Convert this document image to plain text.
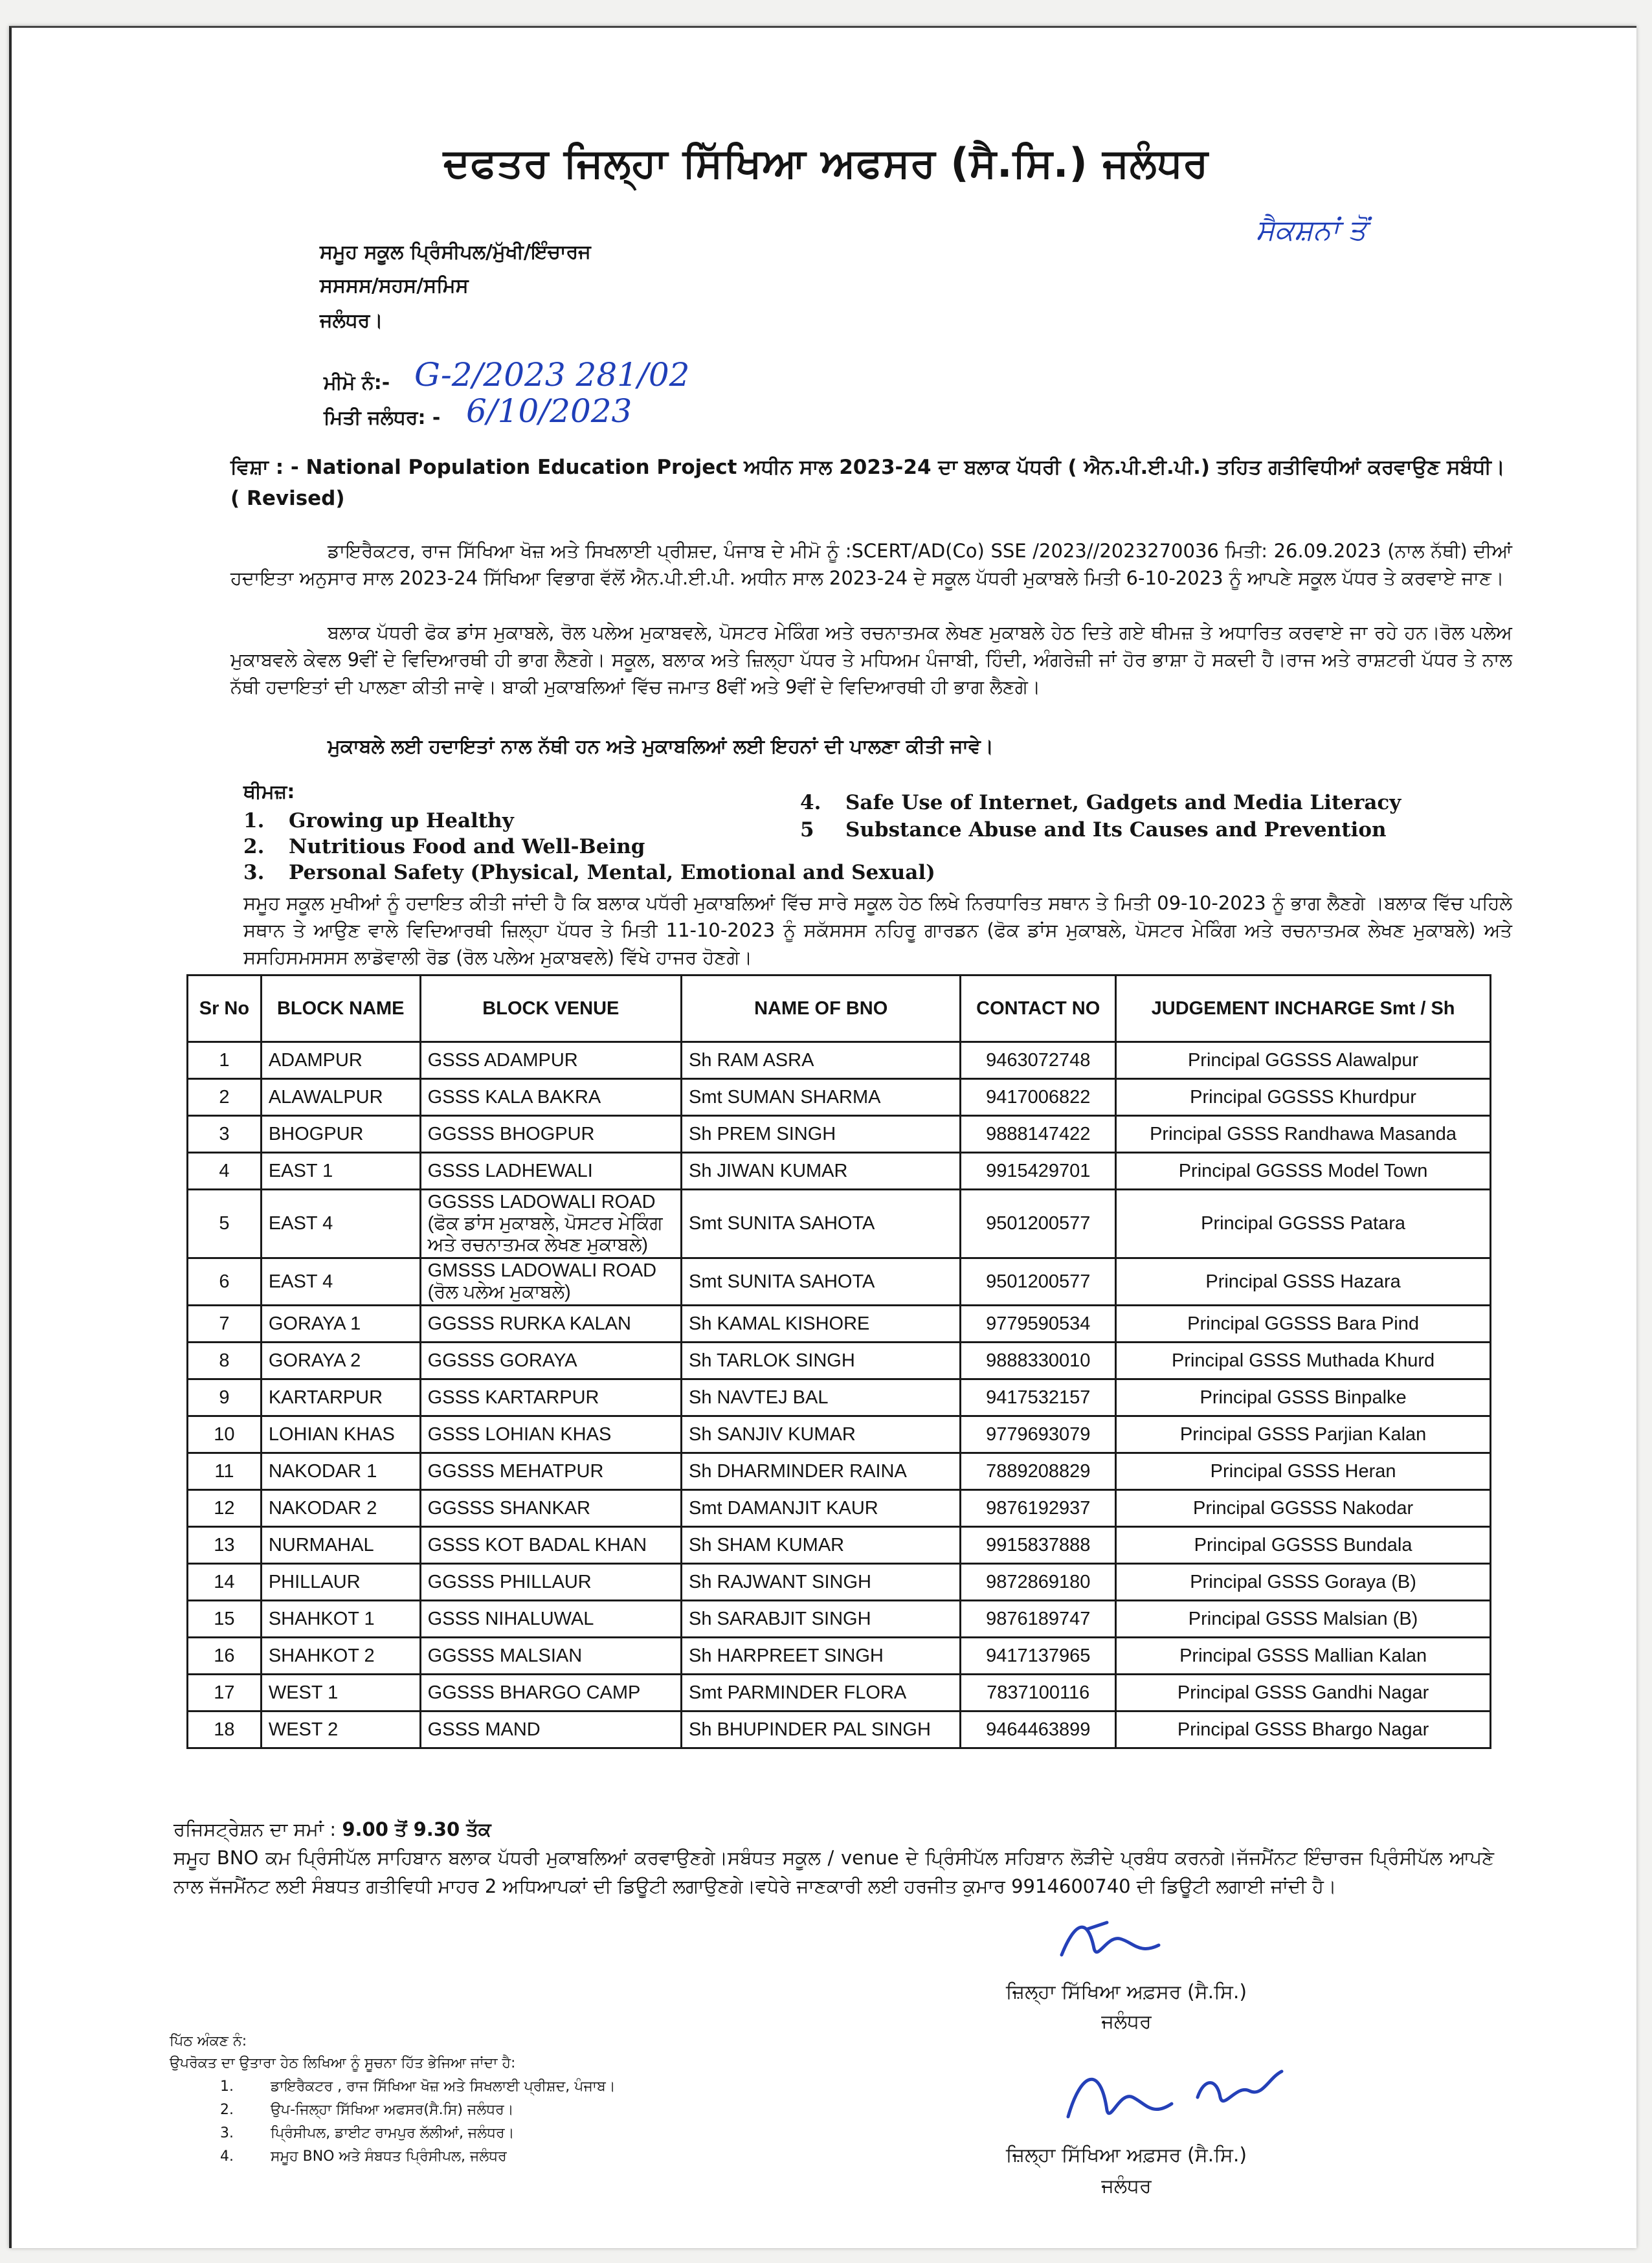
ਦਫਤਰ ਜਿਲ੍ਹਾ ਸਿੱਖਿਆ ਅਫਸਰ (ਸੈ.ਸਿ.) ਜਲੰਧਰ
ਸੈਕਸ਼ਨਾਂ ਤੋਂ
ਸਮੂਹ ਸਕੂਲ ਪ੍ਰਿੰਸੀਪਲ/ਮੁੱਖੀ/ਇੰਚਾਰਜ
ਸਸਸਸ/ਸਹਸ/ਸਮਿਸ
ਜਲੰਧਰ।
ਮੀਮੋ ਨੰ:- G-2/2023 281/02
ਮਿਤੀ ਜਲੰਧਰ: - 6/10/2023
ਵਿਸ਼ਾ : - National Population Education Project ਅਧੀਨ ਸਾਲ 2023-24 ਦਾ ਬਲਾਕ ਪੱਧਰੀ ( ਐਨ.ਪੀ.ਈ.ਪੀ.) ਤਹਿਤ ਗਤੀਵਿਧੀਆਂ ਕਰਵਾਉਣ ਸਬੰਧੀ। ( Revised)

ਡਾਇਰੈਕਟਰ, ਰਾਜ ਸਿੱਖਿਆ ਖੋਜ਼ ਅਤੇ ਸਿਖਲਾਈ ਪ੍ਰੀਸ਼ਦ, ਪੰਜਾਬ ਦੇ ਮੀਮੋ ਨੂੰ :SCERT/AD(Co) SSE /2023//2023270036 ਮਿਤੀ: 26.09.2023 (ਨਾਲ ਨੱਥੀ) ਦੀਆਂ ਹਦਾਇਤਾ ਅਨੁਸਾਰ ਸਾਲ 2023-24 ਸਿੱਖਿਆ ਵਿਭਾਗ ਵੱਲੋਂ ਐਨ.ਪੀ.ਈ.ਪੀ. ਅਧੀਨ ਸਾਲ 2023-24 ਦੇ ਸਕੂਲ ਪੱਧਰੀ ਮੁਕਾਬਲੇ ਮਿਤੀ 6-10-2023 ਨੂੰ ਆਪਣੇ ਸਕੂਲ ਪੱਧਰ ਤੇ ਕਰਵਾਏ ਜਾਣ।

ਬਲਾਕ ਪੱਧਰੀ ਫੋਕ ਡਾਂਸ ਮੁਕਾਬਲੇ, ਰੋਲ ਪਲੇਅ ਮੁਕਾਬਵਲੇ, ਪੋਸਟਰ ਮੇਕਿੰਗ ਅਤੇ ਰਚਨਾਤਮਕ ਲੇਖਣ ਮੁਕਾਬਲੇ ਹੇਠ ਦਿਤੇ ਗਏ ਥੀਮਜ਼ ਤੇ ਅਧਾਰਿਤ ਕਰਵਾਏ ਜਾ ਰਹੇ ਹਨ।ਰੋਲ ਪਲੇਅ ਮੁਕਾਬਵਲੇ ਕੇਵਲ 9ਵੀਂ ਦੇ ਵਿਦਿਆਰਥੀ ਹੀ ਭਾਗ ਲੈਣਗੇ। ਸਕੂਲ, ਬਲਾਕ ਅਤੇ ਜ਼ਿਲ੍ਹਾ ਪੱਧਰ ਤੇ ਮਧਿਅਮ ਪੰਜਾਬੀ, ਹਿੰਦੀ, ਅੰਗਰੇਜ਼ੀ ਜਾਂ ਹੋਰ ਭਾਸ਼ਾ ਹੋ ਸਕਦੀ ਹੈ।ਰਾਜ ਅਤੇ ਰਾਸ਼ਟਰੀ ਪੱਧਰ ਤੇ ਨਾਲ ਨੱਥੀ ਹਦਾਇਤਾਂ ਦੀ ਪਾਲਣਾ ਕੀਤੀ ਜਾਵੇ। ਬਾਕੀ ਮੁਕਾਬਲਿਆਂ ਵਿੱਚ ਜਮਾਤ 8ਵੀਂ ਅਤੇ 9ਵੀਂ ਦੇ ਵਿਦਿਆਰਥੀ ਹੀ ਭਾਗ ਲੈਣਗੇ।

ਮੁਕਾਬਲੇ ਲਈ ਹਦਾਇਤਾਂ ਨਾਲ ਨੱਥੀ ਹਨ ਅਤੇ ਮੁਕਾਬਲਿਆਂ ਲਈ ਇਹਨਾਂ ਦੀ ਪਾਲਣਾ ਕੀਤੀ ਜਾਵੇ।
ਥੀਮਜ਼:
1. Growing up Healthy
2. Nutritious Food and Well-Being
3. Personal Safety (Physical, Mental, Emotional and Sexual)
4. Safe Use of Internet, Gadgets and Media Literacy
5 Substance Abuse and Its Causes and Prevention
ਸਮੂਹ ਸਕੂਲ ਮੁਖੀਆਂ ਨੂੰ ਹਦਾਇਤ ਕੀਤੀ ਜਾਂਦੀ ਹੈ ਕਿ ਬਲਾਕ ਪਧੱਰੀ ਮੁਕਾਬਲਿਆਂ ਵਿੱਚ ਸਾਰੇ ਸਕੂਲ ਹੇਠ ਲਿਖੇ ਨਿਰਧਾਰਿਤ ਸਥਾਨ ਤੇ ਮਿਤੀ 09-10-2023 ਨੂੰ ਭਾਗ ਲੈਣਗੇ ।ਬਲਾਕ ਵਿੱਚ ਪਹਿਲੇ ਸਥਾਨ ਤੇ ਆਉਣ ਵਾਲੇ ਵਿਦਿਆਰਥੀ ਜ਼ਿਲ੍ਹਾ ਪੱਧਰ ਤੇ ਮਿਤੀ 11-10-2023 ਨੂੰ ਸਕੱਸਸਸ ਨਹਿਰੂ ਗਾਰਡਨ (ਫੋਕ ਡਾਂਸ ਮੁਕਾਬਲੇ, ਪੋਸਟਰ ਮੇਕਿੰਗ ਅਤੇ ਰਚਨਾਤਮਕ ਲੇਖਣ ਮੁਕਾਬਲੇ) ਅਤੇ ਸਸਹਿਸਮਸਸਸ ਲਾਡੋਵਾਲੀ ਰੋਡ (ਰੋਲ ਪਲੇਅ ਮੁਕਾਬਵਲੇ) ਵਿੱਖੇ ਹਾਜਰ ਹੋਣਗੇ।
Sr No	BLOCK NAME	BLOCK VENUE	NAME OF BNO	CONTACT NO	JUDGEMENT INCHARGE Smt / Sh
1	ADAMPUR	GSSS ADAMPUR	Sh RAM ASRA	9463072748	Principal GGSSS Alawalpur
2	ALAWALPUR	GSSS KALA BAKRA	Smt SUMAN SHARMA	9417006822	Principal GGSSS Khurdpur
3	BHOGPUR	GGSSS BHOGPUR	Sh PREM SINGH	9888147422	Principal GSSS Randhawa Masanda
4	EAST 1	GSSS LADHEWALI	Sh JIWAN KUMAR	9915429701	Principal GGSSS Model Town
5	EAST 4	GGSSS LADOWALI ROAD (ਫੋਕ ਡਾਂਸ ਮੁਕਾਬਲੇ, ਪੋਸਟਰ ਮੇਕਿੰਗ ਅਤੇ ਰਚਨਾਤਮਕ ਲੇਖਣ ਮੁਕਾਬਲੇ)	Smt SUNITA SAHOTA	9501200577	Principal GGSSS Patara
6	EAST 4	GMSSS LADOWALI ROAD (ਰੋਲ ਪਲੇਅ ਮੁਕਾਬਲੇ)	Smt SUNITA SAHOTA	9501200577	Principal GSSS Hazara
7	GORAYA 1	GGSSS RURKA KALAN	Sh KAMAL KISHORE	9779590534	Principal GGSSS Bara Pind
8	GORAYA 2	GGSSS GORAYA	Sh TARLOK SINGH	9888330010	Principal GSSS Muthada Khurd
9	KARTARPUR	GSSS KARTARPUR	Sh NAVTEJ BAL	9417532157	Principal GSSS Binpalke
10	LOHIAN KHAS	GSSS LOHIAN KHAS	Sh SANJIV KUMAR	9779693079	Principal GSSS Parjian Kalan
11	NAKODAR 1	GGSSS MEHATPUR	Sh DHARMINDER RAINA	7889208829	Principal GSSS Heran
12	NAKODAR 2	GGSSS SHANKAR	Smt DAMANJIT KAUR	9876192937	Principal GGSSS Nakodar
13	NURMAHAL	GSSS KOT BADAL KHAN	Sh SHAM KUMAR	9915837888	Principal GGSSS Bundala
14	PHILLAUR	GGSSS PHILLAUR	Sh RAJWANT SINGH	9872869180	Principal GSSS Goraya (B)
15	SHAHKOT 1	GSSS NIHALUWAL	Sh SARABJIT SINGH	9876189747	Principal GSSS Malsian (B)
16	SHAHKOT 2	GGSSS MALSIAN	Sh HARPREET SINGH	9417137965	Principal GSSS Mallian Kalan
17	WEST 1	GGSSS BHARGO CAMP	Smt PARMINDER FLORA	7837100116	Principal GSSS Gandhi Nagar
18	WEST 2	GSSS MAND	Sh BHUPINDER PAL SINGH	9464463899	Principal GSSS Bhargo Nagar
ਰਜਿਸਟ੍ਰੇਸ਼ਨ ਦਾ ਸਮਾਂ : 9.00 ਤੋਂ 9.30 ਤੱਕ
ਸਮੂਹ BNO ਕਮ ਪ੍ਰਿੰਸੀਪੱਲ ਸਾਹਿਬਾਨ ਬਲਾਕ ਪੱਧਰੀ ਮੁਕਾਬਲਿਆਂ ਕਰਵਾਉਣਗੇ।ਸਬੰਧਤ ਸਕੂਲ / venue ਦੇ ਪ੍ਰਿੰਸੀਪੱਲ ਸਹਿਬਾਨ ਲੋੜੀਦੇ ਪ੍ਰਬੰਧ ਕਰਨਗੇ।ਜੱਜਮੈਂਨਟ ਇੰਚਾਰਜ ਪ੍ਰਿੰਸੀਪੱਲ ਆਪਣੇ ਨਾਲ ਜੱਜਮੈਂਨਟ ਲਈ ਸੰਬਧਤ ਗਤੀਵਿਧੀ ਮਾਹਰ 2 ਅਧਿਆਪਕਾਂ ਦੀ ਡਿਊਟੀ ਲਗਾਉਣਗੇ।ਵਧੇਰੇ ਜਾਣਕਾਰੀ ਲਈ ਹਰਜੀਤ ਕੁਮਾਰ 9914600740 ਦੀ ਡਿਊਟੀ ਲਗਾਈ ਜਾਂਦੀ ਹੈ।
ਜ਼ਿਲ੍ਹਾ ਸਿੱਖਿਆ ਅਫ਼ਸਰ (ਸੈ.ਸਿ.)
ਜਲੰਧਰ
ਪਿੱਠ ਅੰਕਣ ਨੰ:
ਉਪਰੋਕਤ ਦਾ ਉਤਾਰਾ ਹੇਠ ਲਿਖਿਆ ਨੂੰ ਸੂਚਨਾ ਹਿੱਤ ਭੇਜਿਆ ਜਾਂਦਾ ਹੈ:
1.	ਡਾਇਰੈਕਟਰ , ਰਾਜ ਸਿੱਖਿਆ ਖੋਜ਼ ਅਤੇ ਸਿਖਲਾਈ ਪ੍ਰੀਸ਼ਦ, ਪੰਜਾਬ।
2.	ਉਪ-ਜਿਲ੍ਹਾ ਸਿੱਖਿਆ ਅਫਸਰ(ਸੈ.ਸਿ) ਜਲੰਧਰ।
3.	ਪ੍ਰਿੰਸੀਪਲ, ਡਾਈਟ ਰਾਮਪੁਰ ਲੱਲੀਆਂ, ਜਲੰਧਰ।
4.	ਸਮੂਹ BNO ਅਤੇ ਸੰਬਧਤ ਪ੍ਰਿੰਸੀਪਲ, ਜਲੰਧਰ	ਜ਼ਿਲ੍ਹਾ ਸਿੱਖਿਆ ਅਫ਼ਸਰ (ਸੈ.ਸਿ.)
ਜਲੰਧਰ
